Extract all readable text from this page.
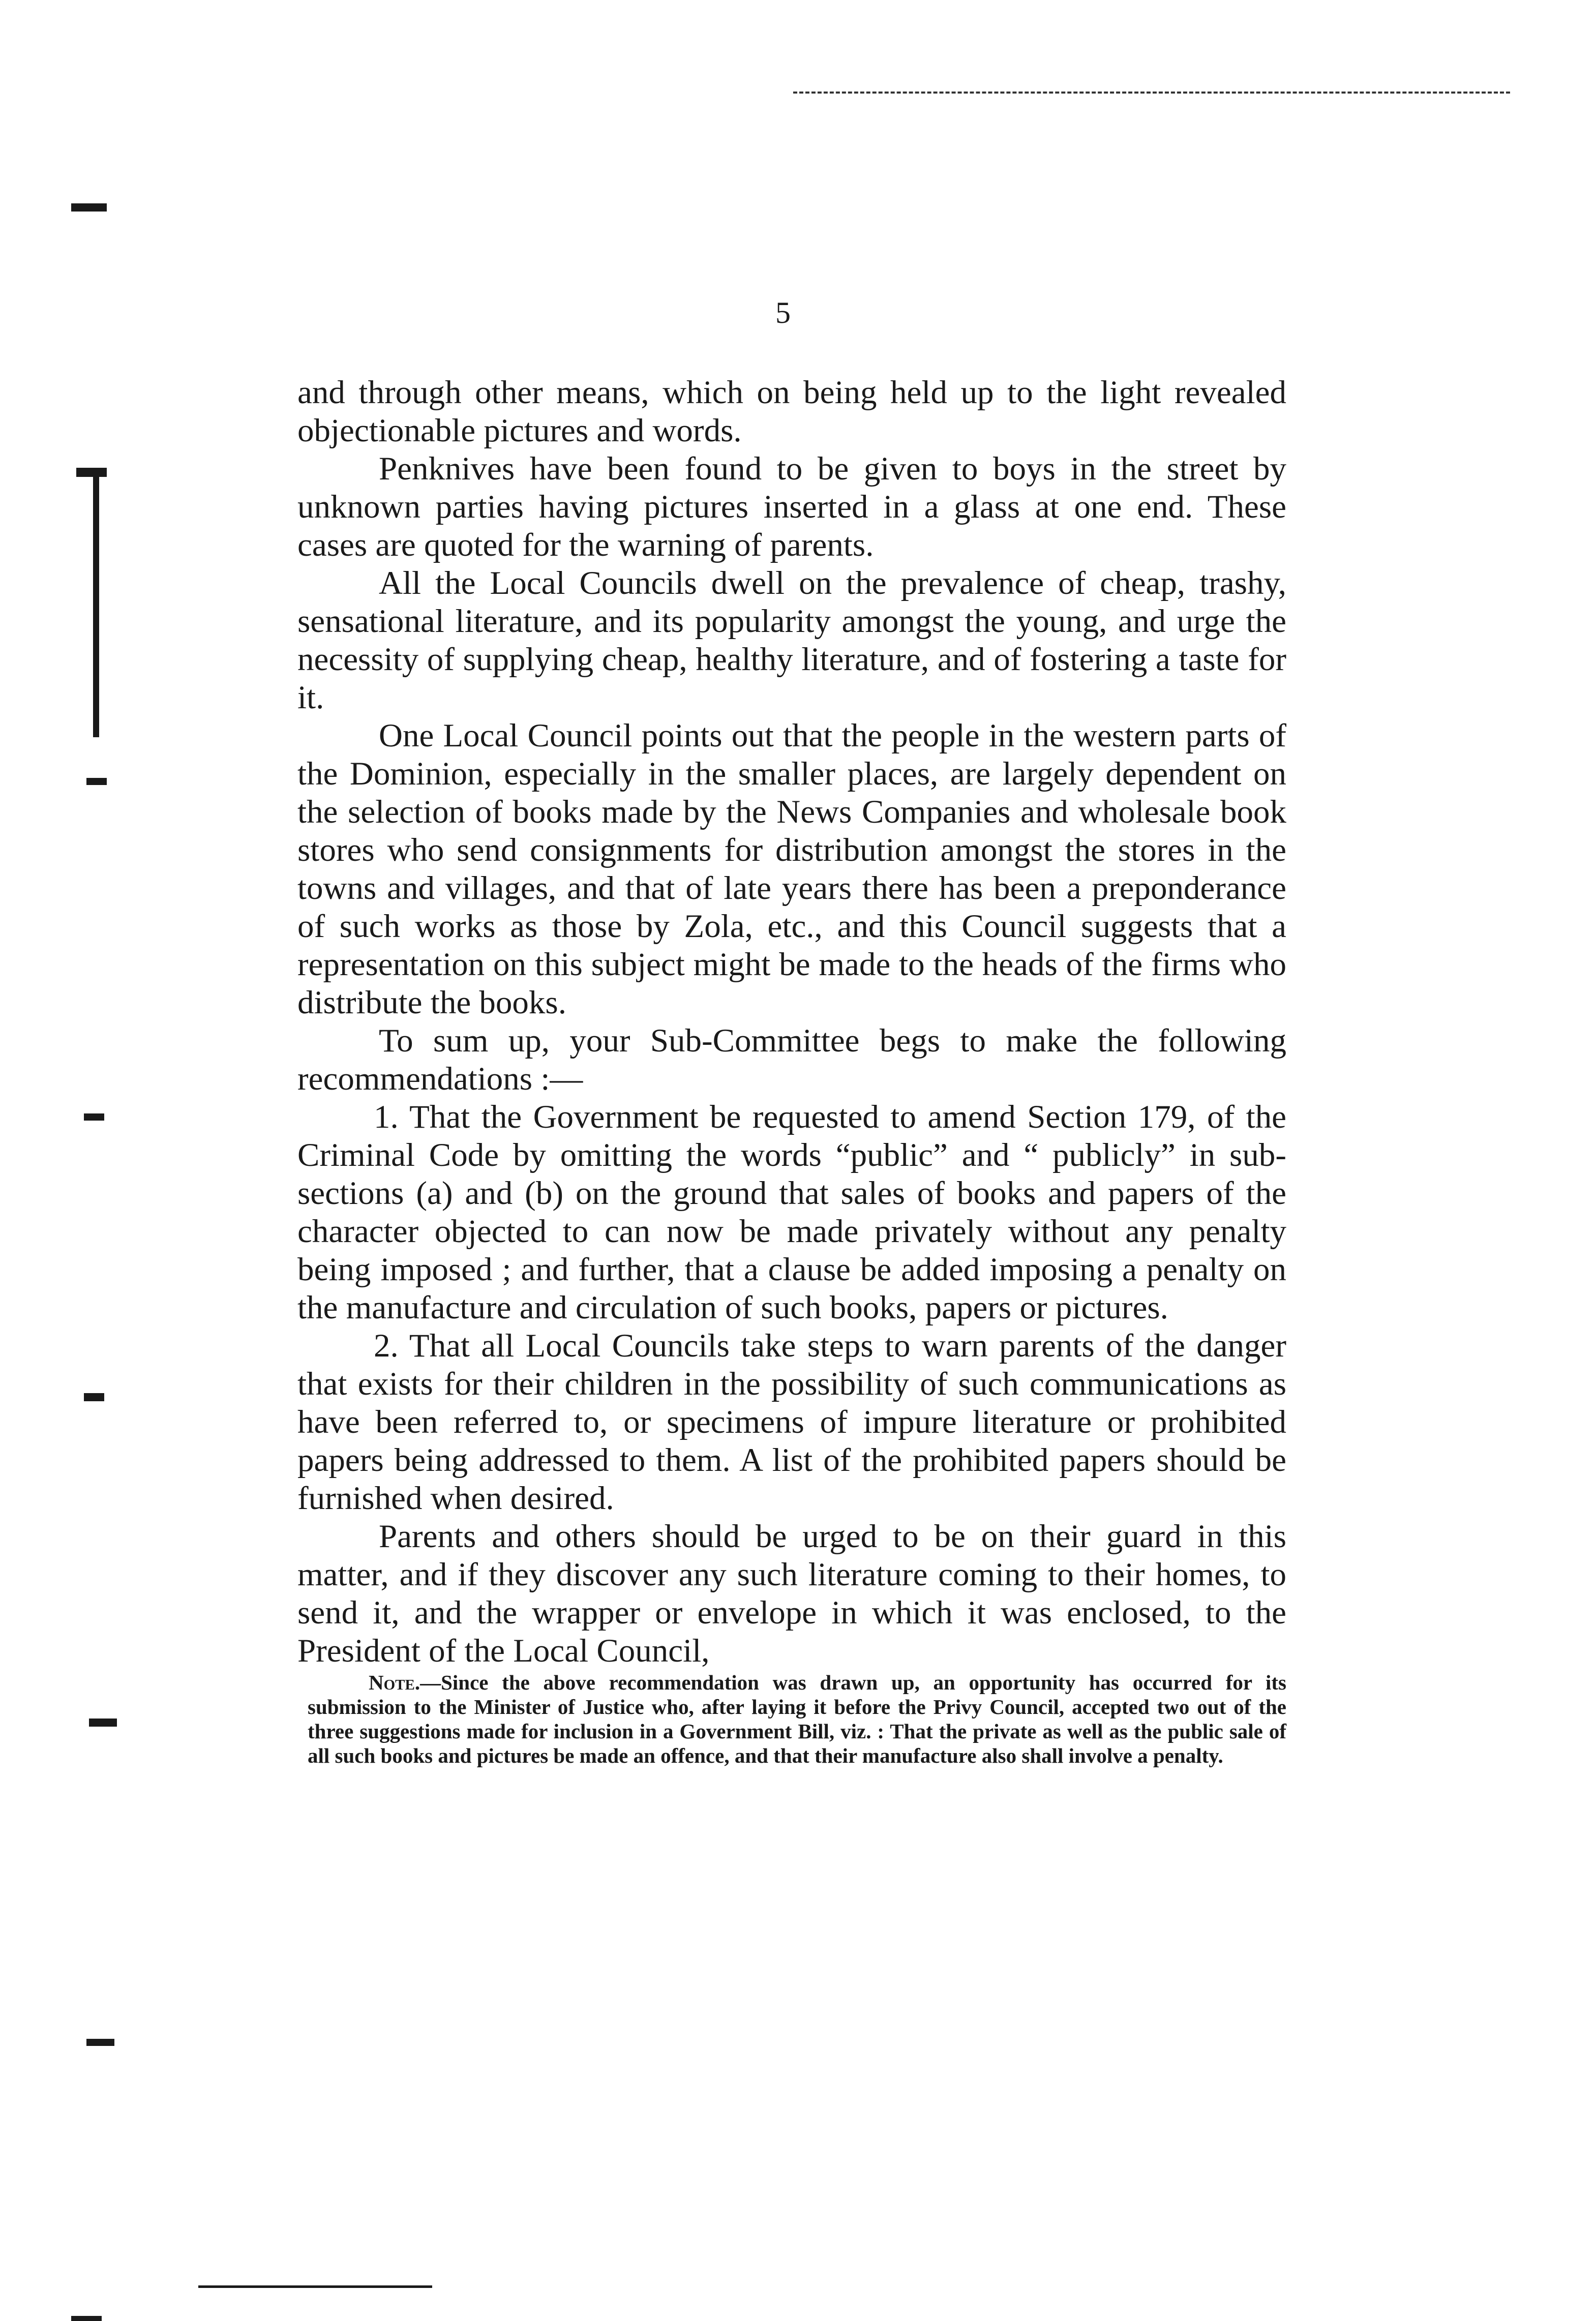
5

and through other means, which on being held up to the light revealed objectionable pictures and words.

Penknives have been found to be given to boys in the street by unknown parties having pictures inserted in a glass at one end. These cases are quoted for the warning of parents.

All the Local Councils dwell on the prevalence of cheap, trashy, sensational literature, and its popularity amongst the young, and urge the necessity of supplying cheap, healthy literature, and of fostering a taste for it.

One Local Council points out that the people in the western parts of the Dominion, especially in the smaller places, are largely dependent on the selection of books made by the News Companies and wholesale book stores who send consignments for distribution amongst the stores in the towns and villages, and that of late years there has been a preponderance of such works as those by Zola, etc., and this Council suggests that a representation on this subject might be made to the heads of the firms who distribute the books.

To sum up, your Sub-Committee begs to make the following recommendations :—

1. That the Government be requested to amend Section 179, of the Criminal Code by omitting the words “public” and “ publicly” in sub-sections (a) and (b) on the ground that sales of books and papers of the character objected to can now be made privately without any penalty being imposed ; and further, that a clause be added imposing a penalty on the manufacture and circulation of such books, papers or pictures.

2. That all Local Councils take steps to warn parents of the danger that exists for their children in the possibility of such communications as have been referred to, or specimens of impure literature or prohibited papers being addressed to them. A list of the prohibited papers should be furnished when desired.

Parents and others should be urged to be on their guard in this matter, and if they discover any such literature coming to their homes, to send it, and the wrapper or envelope in which it was enclosed, to the President of the Local Council,

Note.—Since the above recommendation was drawn up, an opportunity has occurred for its submission to the Minister of Justice who, after laying it before the Privy Council, accepted two out of the three suggestions made for inclusion in a Government Bill, viz. : That the private as well as the public sale of all such books and pictures be made an offence, and that their manufacture also shall involve a penalty.
